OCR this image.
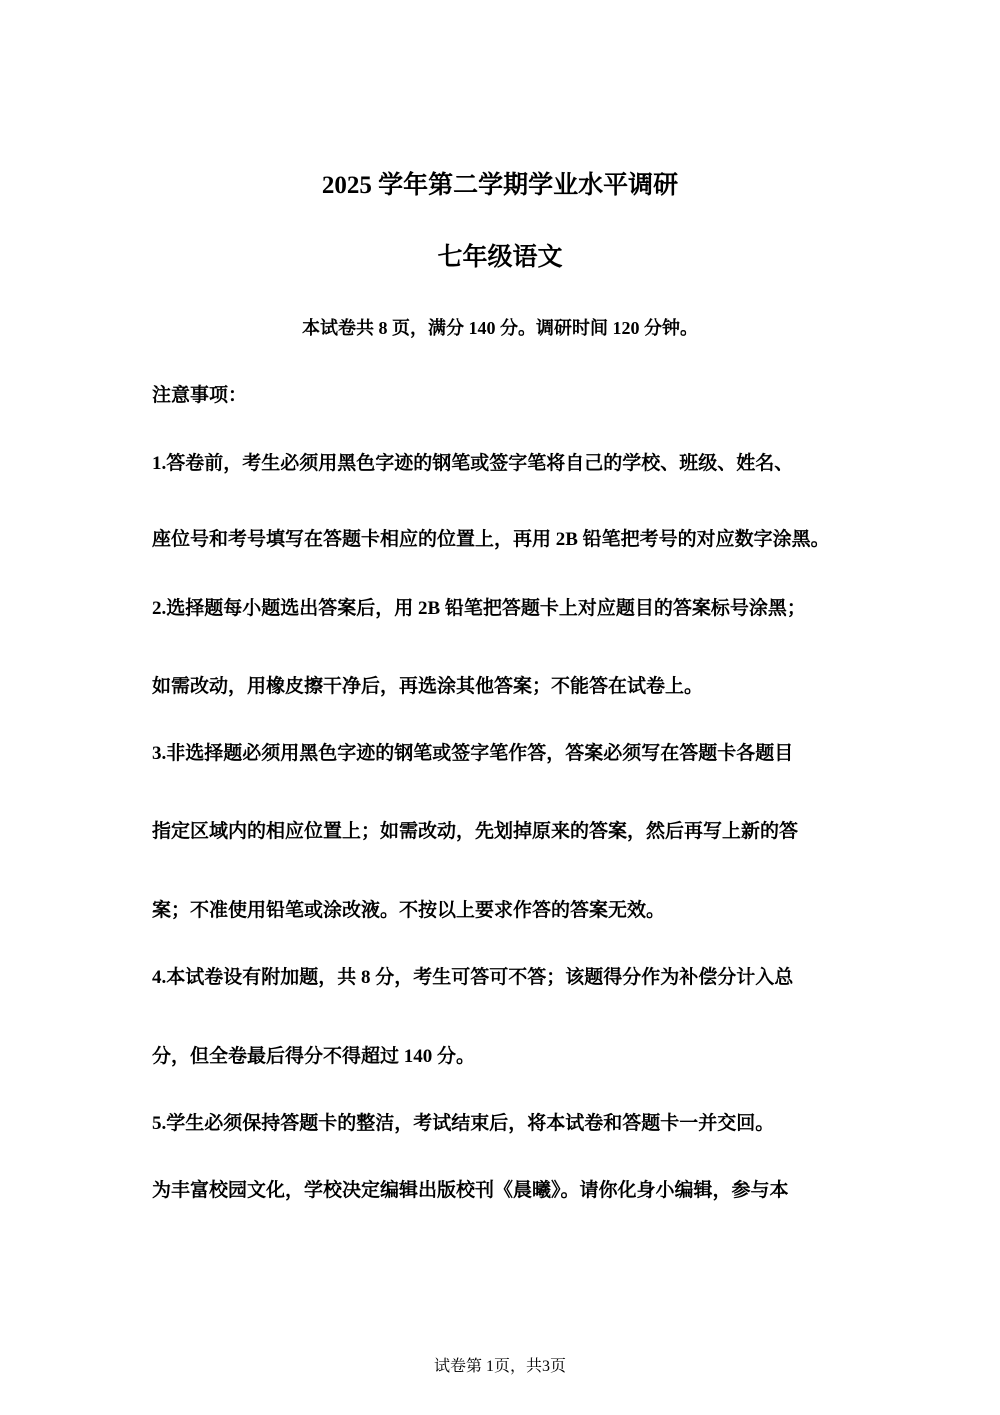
2025 学年第二学期学业水平调研
七年级语文
本试卷共 8 页，满分 140 分。调研时间 120 分钟。
注意事项：
1.答卷前，考生必须用黑色字迹的钢笔或签字笔将自己的学校、班级、姓名、
座位号和考号填写在答题卡相应的位置上，再用 2B 铅笔把考号的对应数字涂黑。
2.选择题每小题选出答案后，用 2B 铅笔把答题卡上对应题目的答案标号涂黑；
如需改动，用橡皮擦干净后，再选涂其他答案；不能答在试卷上。
3.非选择题必须用黑色字迹的钢笔或签字笔作答，答案必须写在答题卡各题目
指定区域内的相应位置上；如需改动，先划掉原来的答案，然后再写上新的答
案；不准使用铅笔或涂改液。不按以上要求作答的答案无效。
4.本试卷设有附加题，共 8 分，考生可答可不答；该题得分作为补偿分计入总
分，但全卷最后得分不得超过 140 分。
5.学生必须保持答题卡的整洁，考试结束后，将本试卷和答题卡一并交回。
为丰富校园文化，学校决定编辑出版校刊《晨曦》。请你化身小编辑，参与本
试卷第 1页，共3页
